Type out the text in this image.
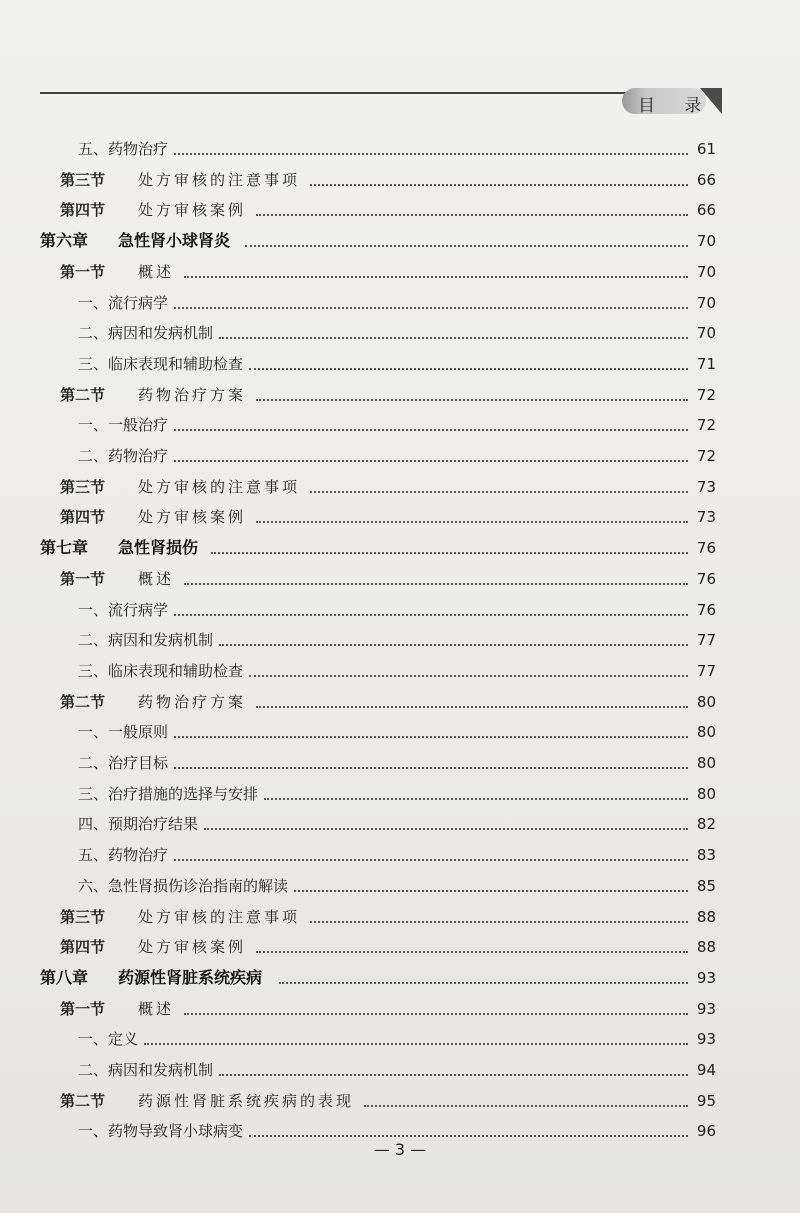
目 录
五、药物治疗	61
第三节 处方审核的注意事项	66
第四节 处方审核案例	66
第六章 急性肾小球肾炎	70
第一节 概述	70
一、流行病学	70
二、病因和发病机制	70
三、临床表现和辅助检查	71
第二节 药物治疗方案	72
一、一般治疗	72
二、药物治疗	72
第三节 处方审核的注意事项	73
第四节 处方审核案例	73
第七章 急性肾损伤	76
第一节 概述	76
一、流行病学	76
二、病因和发病机制	77
三、临床表现和辅助检查	77
第二节 药物治疗方案	80
一、一般原则	80
二、治疗目标	80
三、治疗措施的选择与安排	80
四、预期治疗结果	82
五、药物治疗	83
六、急性肾损伤诊治指南的解读	85
第三节 处方审核的注意事项	88
第四节 处方审核案例	88
第八章 药源性肾脏系统疾病	93
第一节 概述	93
一、定义	93
二、病因和发病机制	94
第二节 药源性肾脏系统疾病的表现	95
一、药物导致肾小球病变	96
— 3 —
